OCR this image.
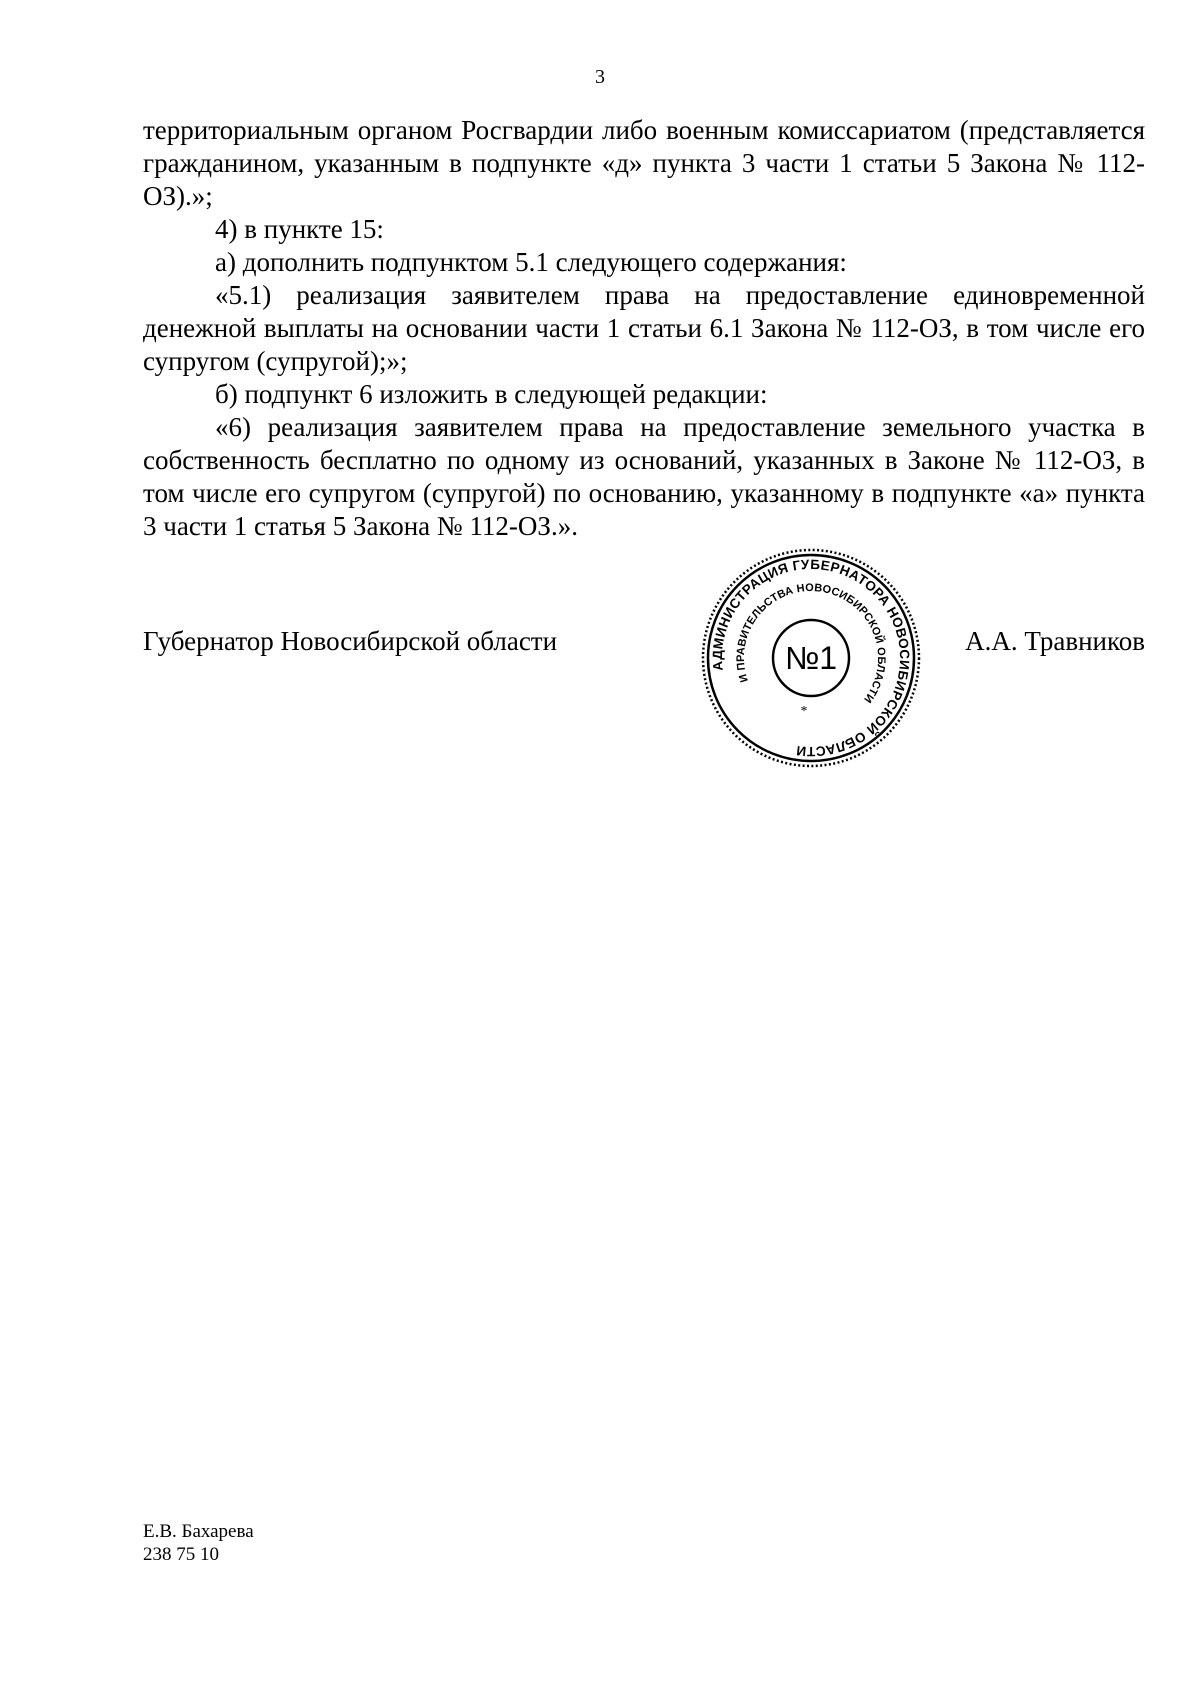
3

территориальным органом Росгвардии либо военным комиссариатом (представляется гражданином, указанным в подпункте «д» пункта 3 части 1 статьи 5 Закона № 112-ОЗ).»;

4) в пункте 15:

а) дополнить подпунктом 5.1 следующего содержания:

«5.1) реализация заявителем права на предоставление единовременной денежной выплаты на основании части 1 статьи 6.1 Закона № 112-ОЗ, в том числе его супругом (супругой);»;

б) подпункт 6 изложить в следующей редакции:

«6) реализация заявителем права на предоставление земельного участка в собственность бесплатно по одному из оснований, указанных в Законе № 112-ОЗ, в том числе его супругом (супругой) по основанию, указанному в подпункте «а» пункта 3 части 1 статья 5 Закона № 112-ОЗ.».

Губернатор Новосибирской области	А.А. Травников
АДМИНИСТРАЦИЯ ГУБЕРНАТОРА НОВОСИБИРСКОЙ ОБЛАСТИ
И ПРАВИТЕЛЬСТВА НОВОСИБИРСКОЙ ОБЛАСТИ
№1
*
Е.В. Бахарева
238 75 10
